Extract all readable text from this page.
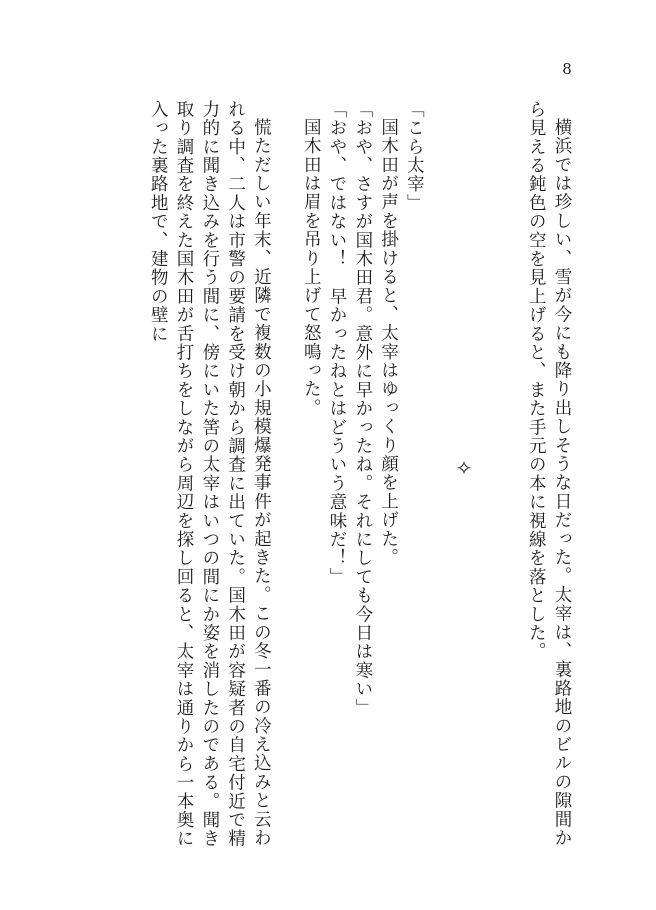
8

横浜では珍しい、雪が今にも降り出しそうな日だった。太宰は、裏路地のビルの隙間から見える鈍色の空を見上げると、また手元の本に視線を落とした。

「こら太宰」

国木田が声を掛けると、太宰はゆっくり顔を上げた。

「おや、さすが国木田君。意外に早かったね。それにしても今日は寒い」

「おや、ではない！　早かったねとはどういう意味だ！」

国木田は眉を吊り上げて怒鳴った。

慌ただしい年末、近隣で複数の小規模爆発事件が起きた。この冬一番の冷え込みと云われる中、二人は市警の要請を受け朝から調査に出ていた。国木田が容疑者の自宅付近で精力的に聞き込みを行う間に、傍にいた筈の太宰はいつの間にか姿を消したのである。聞き取り調査を終えた国木田が舌打ちをしながら周辺を探し回ると、太宰は通りから一本奥に入った裏路地で、建物の壁に

✧
